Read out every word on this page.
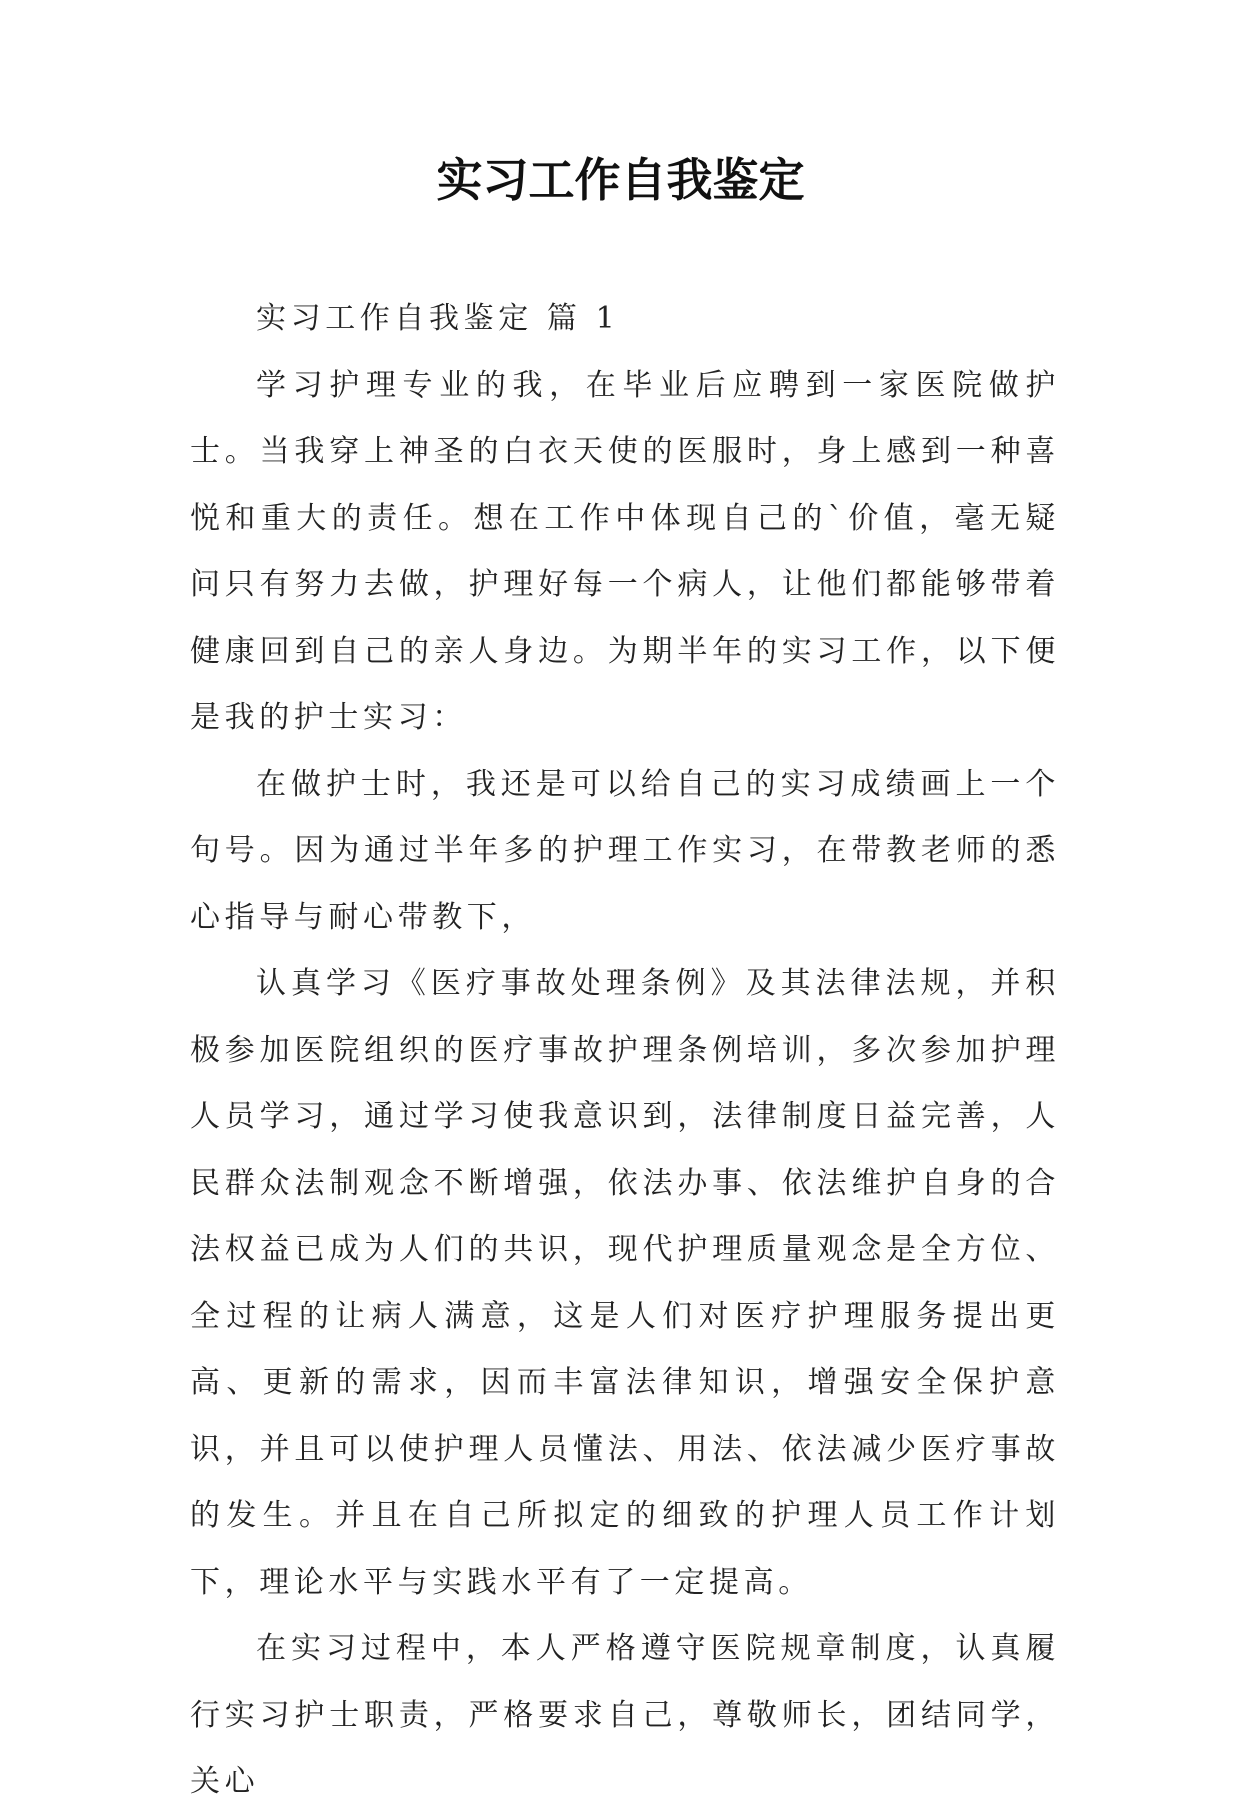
实习工作自我鉴定

实习工作自我鉴定 篇 1

学习护理专业的我，在毕业后应聘到一家医院做护士。当我穿上神圣的白衣天使的医服时，身上感到一种喜悦和重大的责任。想在工作中体现自己的`价值，毫无疑问只有努力去做，护理好每一个病人，让他们都能够带着健康回到自己的亲人身边。为期半年的实习工作，以下便是我的护士实习：

在做护士时，我还是可以给自己的实习成绩画上一个句号。因为通过半年多的护理工作实习，在带教老师的悉心指导与耐心带教下，

认真学习《医疗事故处理条例》及其法律法规，并积极参加医院组织的医疗事故护理条例培训，多次参加护理人员学习，通过学习使我意识到，法律制度日益完善，人民群众法制观念不断增强，依法办事、依法维护自身的合法权益已成为人们的共识，现代护理质量观念是全方位、全过程的让病人满意，这是人们对医疗护理服务提出更高、更新的需求，因而丰富法律知识，增强安全保护意识，并且可以使护理人员懂法、用法、依法减少医疗事故的发生。并且在自己所拟定的细致的护理人员工作计划下，理论水平与实践水平有了一定提高。

在实习过程中，本人严格遵守医院规章制度，认真履行实习护士职责，严格要求自己，尊敬师长，团结同学，关心
